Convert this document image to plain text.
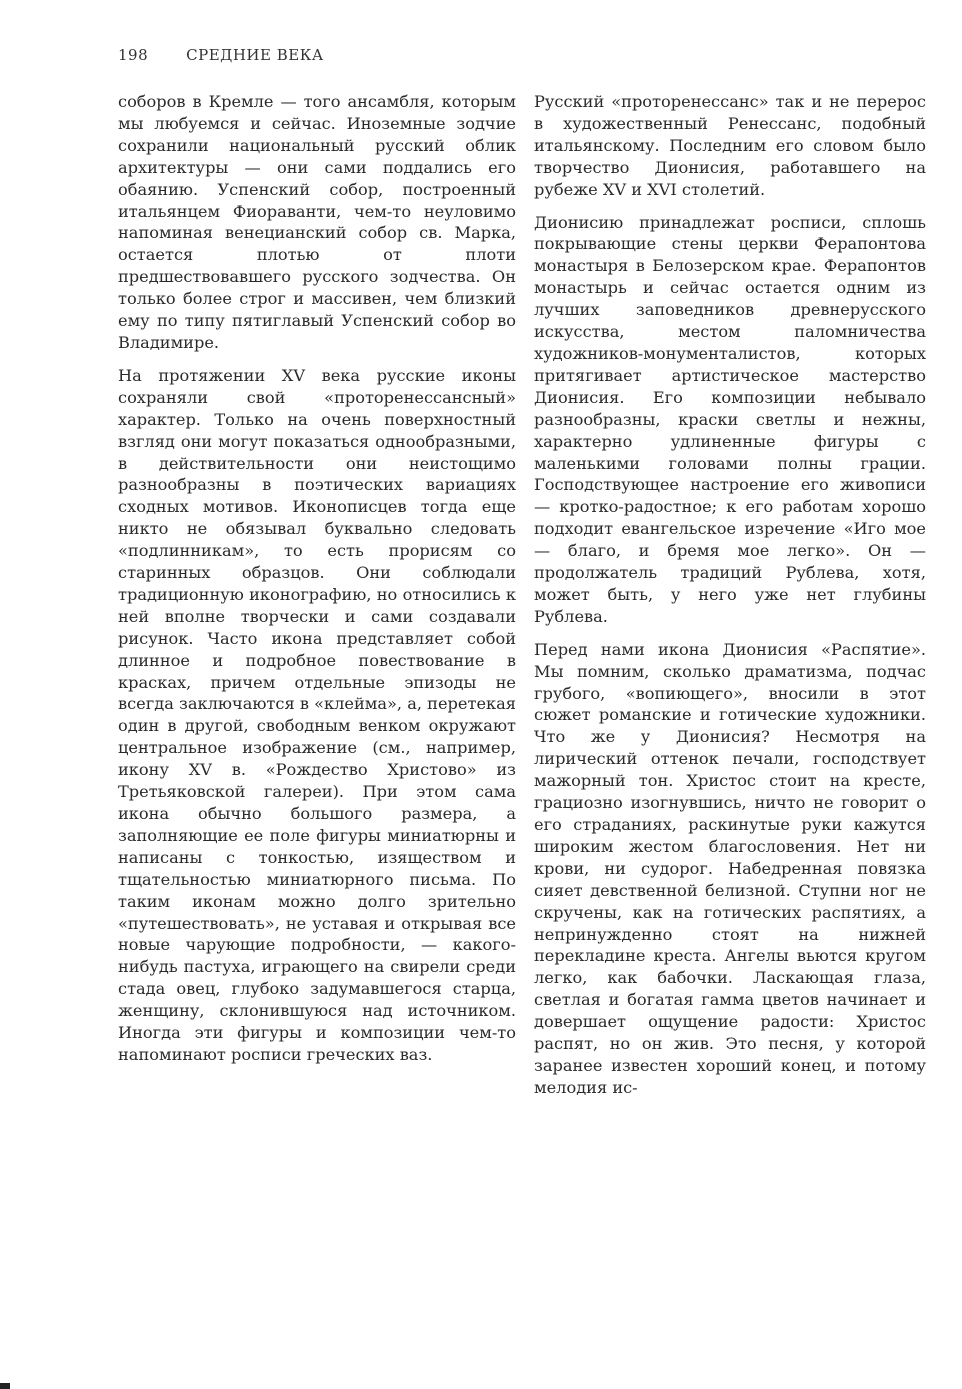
198	СРЕДНИЕ ВЕКА

соборов в Кремле — того ансамбля, которым мы любуемся и сейчас. Иноземные зодчие сохранили национальный русский облик архитектуры — они сами поддались его обаянию. Успенский собор, построенный итальянцем Фиораванти, чем-то неуловимо напоминая венецианский собор св. Марка, остается плотью от плоти предшествовавшего русского зодчества. Он только более строг и массивен, чем близкий ему по типу пятиглавый Успенский собор во Владимире.

На протяжении XV века русские иконы сохраняли свой «проторенессансный» характер. Только на очень поверхностный взгляд они могут показаться однообразными, в действительности они неистощимо разнообразны в поэтических вариациях сходных мотивов. Иконописцев тогда еще никто не обязывал буквально следовать «подлинникам», то есть прорисям со старинных образцов. Они соблюдали традиционную иконографию, но относились к ней вполне творчески и сами создавали рисунок. Часто икона представляет собой длинное и подробное повествование в красках, причем отдельные эпизоды не всегда заключаются в «клейма», а, перетекая один в другой, свободным венком окружают центральное изображение (см., например, икону XV в. «Рождество Христово» из Третьяковской галереи). При этом сама икона обычно большого размера, а заполняющие ее поле фигуры миниатюрны и написаны с тонкостью, изяществом и тщательностью миниатюрного письма. По таким иконам можно долго зрительно «путешествовать», не уставая и открывая все новые чарующие подробности, — какого-нибудь пастуха, играющего на свирели среди стада овец, глубоко задумавшегося старца, женщину, склонившуюся над источником. Иногда эти фигуры и композиции чем-то напоминают росписи греческих ваз.

Русский «проторенессанс» так и не перерос в художественный Ренессанс, подобный итальянскому. Последним его словом было творчество Дионисия, работавшего на рубеже XV и XVI столетий.

Дионисию принадлежат росписи, сплошь покрывающие стены церкви Ферапонтова монастыря в Белозерском крае. Ферапонтов монастырь и сейчас остается одним из лучших заповедников древнерусского искусства, местом паломничества художников-монументалистов, которых притягивает артистическое мастерство Дионисия. Его композиции небывало разнообразны, краски светлы и нежны, характерно удлиненные фигуры с маленькими головами полны грации. Господствующее настроение его живописи — кротко-радостное; к его работам хорошо подходит евангельское изречение «Иго мое — благо, и бремя мое легко». Он — продолжатель традиций Рублева, хотя, может быть, у него уже нет глубины Рублева.

Перед нами икона Дионисия «Распятие». Мы помним, сколько драматизма, подчас грубого, «вопиющего», вносили в этот сюжет романские и готические художники. Что же у Дионисия? Несмотря на лирический оттенок печали, господствует мажорный тон. Христос стоит на кресте, грациозно изогнувшись, ничто не говорит о его страданиях, раскинутые руки кажутся широким жестом благословения. Нет ни крови, ни судорог. Набедренная повязка сияет девственной белизной. Ступни ног не скручены, как на готических распятиях, а непринужденно стоят на нижней перекладине креста. Ангелы вьются кругом легко, как бабочки. Ласкающая глаза, светлая и богатая гамма цветов начинает и довершает ощущение радости: Христос распят, но он жив. Это песня, у которой заранее известен хороший конец, и потому мелодия ис-
